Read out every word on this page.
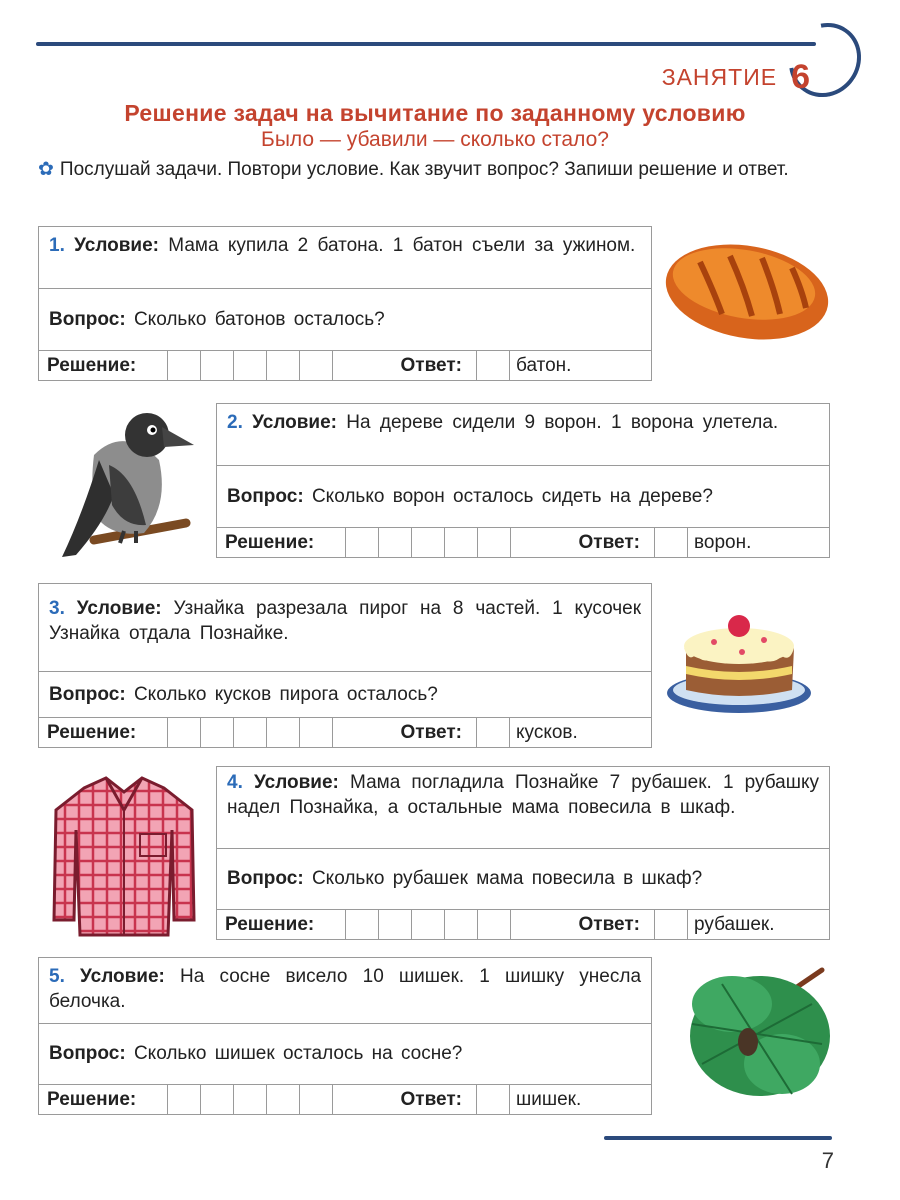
ЗАНЯТИЕ 6
Решение задач на вычитание по заданному условию
Было — убавили — сколько стало?
✿ Послушай задачи. Повтори условие. Как звучит вопрос? Запиши решение и ответ.
1. Условие: Мама купила 2 батона. 1 батон съели за ужином.
Вопрос:
Сколько батонов осталось?
Решение:	Ответ:	батон.
2. Условие: На дереве сидели 9 ворон. 1 ворона улетела.
Вопрос:
Сколько ворон осталось сидеть на дереве?
Решение:	Ответ:	ворон.
3. Условие: Узнайка разрезала пирог на 8 частей. 1 кусочек Узнайка отдала Познайке.
Вопрос:
Сколько кусков пирога осталось?
Решение:	Ответ:	кусков.
4. Условие: Мама погладила Познайке 7 рубашек. 1 рубашку надел Познайка, а остальные мама повесила в шкаф.
Вопрос:
Сколько рубашек мама повесила в шкаф?
Решение:	Ответ:	рубашек.
5. Условие: На сосне висело 10 шишек. 1 шишку унесла белочка.
Вопрос:
Сколько шишек осталось на сосне?
Решение:	Ответ:	шишек.
7
